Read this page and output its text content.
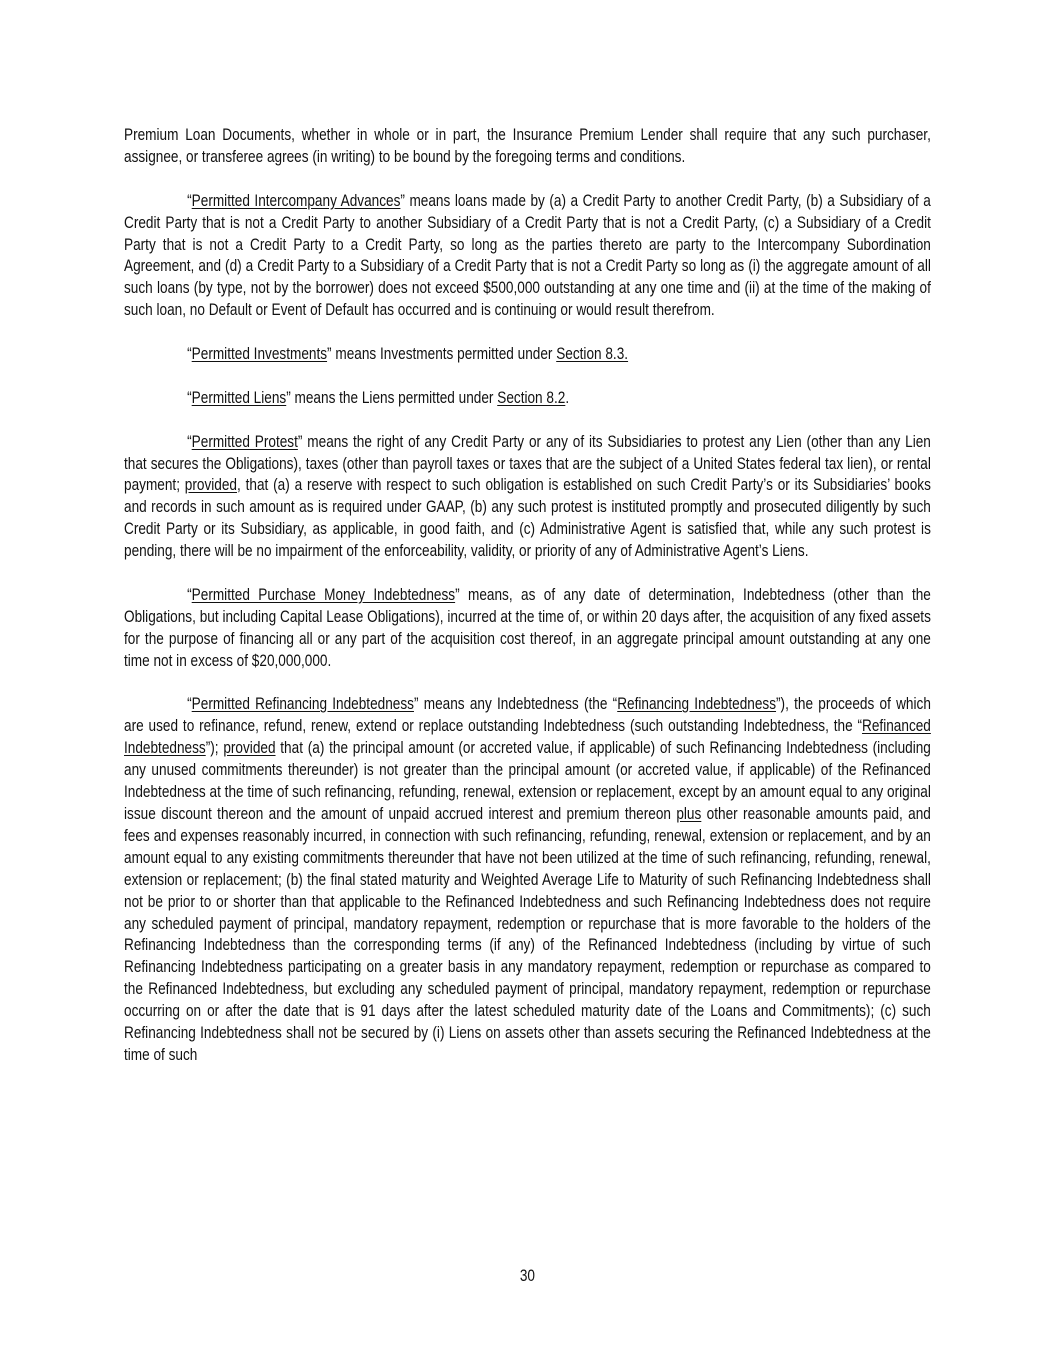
Premium Loan Documents, whether in whole or in part, the Insurance Premium Lender shall require that any such purchaser, assignee, or transferee agrees (in writing) to be bound by the foregoing terms and conditions.

“Permitted Intercompany Advances” means loans made by (a) a Credit Party to another Credit Party, (b) a Subsidiary of a Credit Party that is not a Credit Party to another Subsidiary of a Credit Party that is not a Credit Party, (c) a Subsidiary of a Credit Party that is not a Credit Party to a Credit Party, so long as the parties thereto are party to the Intercompany Subordination Agreement, and (d) a Credit Party to a Subsidiary of a Credit Party that is not a Credit Party so long as (i) the aggregate amount of all such loans (by type, not by the borrower) does not exceed $500,000 outstanding at any one time and (ii) at the time of the making of such loan, no Default or Event of Default has occurred and is continuing or would result therefrom.

“Permitted Investments” means Investments permitted under Section 8.3.

“Permitted Liens” means the Liens permitted under Section 8.2.

“Permitted Protest” means the right of any Credit Party or any of its Subsidiaries to protest any Lien (other than any Lien that secures the Obligations), taxes (other than payroll taxes or taxes that are the subject of a United States federal tax lien), or rental payment; provided, that (a) a reserve with respect to such obligation is established on such Credit Party’s or its Subsidiaries’ books and records in such amount as is required under GAAP, (b) any such protest is instituted promptly and prosecuted diligently by such Credit Party or its Subsidiary, as applicable, in good faith, and (c) Administrative Agent is satisfied that, while any such protest is pending, there will be no impairment of the enforceability, validity, or priority of any of Administrative Agent’s Liens.

“Permitted Purchase Money Indebtedness” means, as of any date of determination, Indebtedness (other than the Obligations, but including Capital Lease Obligations), incurred at the time of, or within 20 days after, the acquisition of any fixed assets for the purpose of financing all or any part of the acquisition cost thereof, in an aggregate principal amount outstanding at any one time not in excess of $20,000,000.

“Permitted Refinancing Indebtedness” means any Indebtedness (the “Refinancing Indebtedness”), the proceeds of which are used to refinance, refund, renew, extend or replace outstanding Indebtedness (such outstanding Indebtedness, the “Refinanced Indebtedness”); provided that (a) the principal amount (or accreted value, if applicable) of such Refinancing Indebtedness (including any unused commitments thereunder) is not greater than the principal amount (or accreted value, if applicable) of the Refinanced Indebtedness at the time of such refinancing, refunding, renewal, extension or replacement, except by an amount equal to any original issue discount thereon and the amount of unpaid accrued interest and premium thereon plus other reasonable amounts paid, and fees and expenses reasonably incurred, in connection with such refinancing, refunding, renewal, extension or replacement, and by an amount equal to any existing commitments thereunder that have not been utilized at the time of such refinancing, refunding, renewal, extension or replacement; (b) the final stated maturity and Weighted Average Life to Maturity of such Refinancing Indebtedness shall not be prior to or shorter than that applicable to the Refinanced Indebtedness and such Refinancing Indebtedness does not require any scheduled payment of principal, mandatory repayment, redemption or repurchase that is more favorable to the holders of the Refinancing Indebtedness than the corresponding terms (if any) of the Refinanced Indebtedness (including by virtue of such Refinancing Indebtedness participating on a greater basis in any mandatory repayment, redemption or repurchase as compared to the Refinanced Indebtedness, but excluding any scheduled payment of principal, mandatory repayment, redemption or repurchase occurring on or after the date that is 91 days after the latest scheduled maturity date of the Loans and Commitments); (c) such Refinancing Indebtedness shall not be secured by (i) Liens on assets other than assets securing the Refinanced Indebtedness at the time of such

30
